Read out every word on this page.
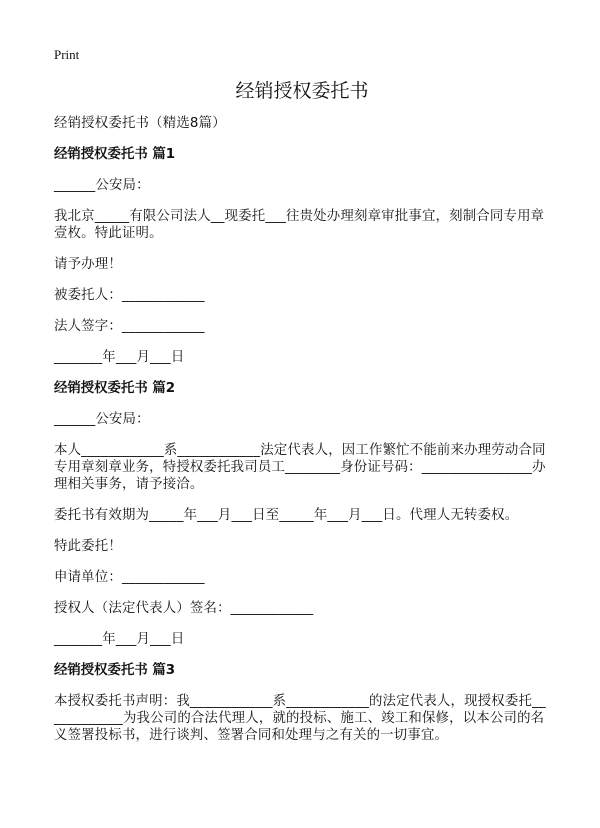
Print
经销授权委托书

经销授权委托书（精选8篇）

经销授权委托书 篇1

______公安局：

我北京_____有限公司法人__现委托___往贵处办理刻章审批事宜，刻制合同专用章壹枚。特此证明。

请予办理！

被委托人：____________

法人签字：____________

_______年___月___日

经销授权委托书 篇2

______公安局：

本人____________系____________法定代表人，因工作繁忙不能前来办理劳动合同专用章刻章业务，特授权委托我司员工________身份证号码：________________办理相关事务，请予接洽。

委托书有效期为_____年___月___日至_____年___月___日。代理人无转委权。

特此委托！

申请单位：____________

授权人（法定代表人）签名：____________

_______年___月___日

经销授权委托书 篇3

本授权委托书声明：我____________系____________的法定代表人，现授权委托____________为我公司的合法代理人，就的投标、施工、竣工和保修，以本公司的名义签署投标书，进行谈判、签署合同和处理与之有关的一切事宜。
